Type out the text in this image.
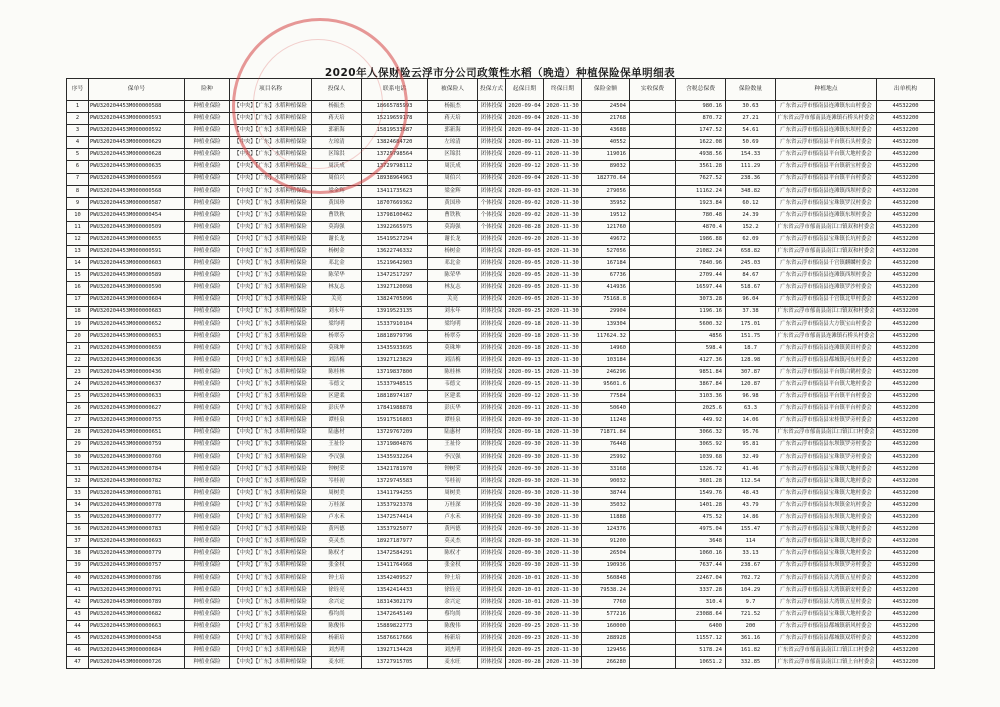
2020年人保财险云浮市分公司政策性水稻（晚造）种植保险保单明细表
序号	保单号	险种	项目名称	投保人	联系电话	被保险人	投保方式	起保日期	终保日期	保险金额	实收保费	含税总保费	保险数量	种植地点	出单机构
1	PWU320204453M000000588	种植业保险	【中央】【广东】水稻种植保险	杨振杰	18665785993	杨振杰	团体投保	2020-09-04	2020-11-30	24504		980.16	30.63	广东省云浮市郁南县连滩镇东山村委会	44532200
2	PWU320204453M000000593	种植业保险	【中央】【广东】水稻种植保险	蒋天培	15219659178	蒋天培	团体投保	2020-09-04	2020-11-30	21768		870.72	27.21	广东省云浮市郁南县连滩镇石桥头村委会	44532200
3	PWU320204453M000000592	种植业保险	【中央】【广东】水稻种植保险	郭新海	15819533687	郭新海	团体投保	2020-09-04	2020-11-30	43688		1747.52	54.61	广东省云浮市郁南县连滩镇东坝村委会	44532200
4	PWU320204453M000000629	种植业保险	【中央】【广东】水稻种植保险	左琼清	13824684720	左琼清	团体投保	2020-09-11	2020-11-30	40552		1622.08	50.69	广东省云浮市郁南县平台镇石头村委会	44532200
5	PWU320204453M000000628	种植业保险	【中央】【广东】水稻种植保险	区锦洪	13729798564	区锦洪	团体投保	2020-09-11	2020-11-30	119016		4938.56	154.33	广东省云浮市郁南县平台镇大地村委会	44532200
6	PWU320204453M000000635	种植业保险	【中央】【广东】水稻种植保险	周沃成	13729798112	周沃成	团体投保	2020-09-12	2020-11-30	89032		3561.28	111.29	广东省云浮市郁南县平台镇新宝村委会	44532200
7	PWU320204453M000000569	种植业保险	【中央】【广东】水稻种植保险	周伯兴	18938964963	周伯兴	团体投保	2020-09-04	2020-11-30	182770.64		7627.52	238.36	广东省云浮市郁南县平台镇平台村委会	44532200
8	PWU320204453M000000568	种植业保险	【中央】【广东】水稻种植保险	梁金辉	13411735623	梁金辉	团体投保	2020-09-03	2020-11-30	279056		11162.24	348.82	广东省云浮市郁南县连滩镇西坝村委会	44532200
9	PWU320204453M000000587	种植业保险	【中央】【广东】水稻种植保险	黄国珍	18707669362	黄国珍	个体投保	2020-09-02	2020-11-30	35952		1923.84	60.12	广东省云浮市郁南县宝珠镇罗汉村委会	44532200
10	PWU320204453M000000454	种植业保险	【中央】【广东】水稻种植保险	曹铁秋	13798100462	曹铁秋	个体投保	2020-09-02	2020-11-30	19512		780.48	24.39	广东省云浮市郁南县连滩镇东坝村委会	44532200
11	PWU320204453M000000509	种植业保险	【中央】【广东】水稻种植保险	莫海强	13922665975	莫海强	个体投保	2020-08-28	2020-11-30	121760		4870.4	152.2	广东省云浮市郁南县南江口镇双和村委会	44532200
12	PWU320204453M000000655	种植业保险	【中央】【广东】水稻种植保险	谢长龙	15419527294	谢长龙	团体投保	2020-09-20	2020-11-30	49672		1986.88	62.09	广东省云浮市郁南县宝珠镇长坑村委会	44532200
13	PWU320204453M000000591	种植业保险	【中央】【广东】水稻种植保险	杨树金	13622746332	杨树金	团体投保	2020-09-05	2020-11-30	527056		21082.24	658.82	广东省云浮市郁南县南江口镇双和村委会	44532200
14	PWU320204453M000000603	种植业保险	【中央】【广东】水稻种植保险	邓北金	15219642903	邓北金	团体投保	2020-09-05	2020-11-30	167184		7840.96	245.03	广东省云浮市郁南县千官镇麒麟村委会	44532200
15	PWU320204453M000000589	种植业保险	【中央】【广东】水稻种植保险	陈荣华	13472517297	陈荣华	团体投保	2020-09-05	2020-11-30	67736		2709.44	84.67	广东省云浮市郁南县连滩镇西坝村委会	44532200
16	PWU320204453M000000590	种植业保险	【中央】【广东】水稻种植保险	林友志	13927120098	林友志	团体投保	2020-09-05	2020-11-30	414936		16597.44	518.67	广东省云浮市郁南县连滩镇罗沙村委会	44532200
17	PWU320204453M000000604	种植业保险	【中央】【广东】水稻种植保险	关亮	13824705096	关亮	团体投保	2020-09-05	2020-11-30	75168.8		3073.28	96.04	广东省云浮市郁南县千官镇北甲村委会	44532200
18	PWU320204453M000000683	种植业保险	【中央】【广东】水稻种植保险	刘永年	13919523135	刘永年	团体投保	2020-09-25	2020-11-30	29904		1196.16	37.38	广东省云浮市郁南县南江口镇双和村委会	44532200
19	PWU320204453M000000652	种植业保险	【中央】【广东】水稻种植保险	梁均明	15337910104	梁均明	团体投保	2020-09-18	2020-11-30	139304		5600.32	175.01	广东省云浮市郁南县大方镇宝山村委会	44532200
20	PWU320204453M000000653	种植业保险	【中央】【广东】水稻种植保险	杨翠芬	18818979796	杨翠芬	团体投保	2020-09-18	2020-11-30	117624.32		4856	151.75	广东省云浮市郁南县连滩镇石桥头村委会	44532200
21	PWU320204453M000000659	种植业保险	【中央】【广东】水稻种植保险	莫珠坤	13435933695	莫珠坤	团体投保	2020-09-18	2020-11-30	14960		598.4	18.7	广东省云浮市郁南县连滩镇黄田村委会	44532200
22	PWU320204453M000000636	种植业保险	【中央】【广东】水稻种植保险	刘洁梅	13927123829	刘洁梅	团体投保	2020-09-13	2020-11-30	103184		4127.36	128.98	广东省云浮市郁南县都城镇河东村委会	44532200
23	PWU320204453M000000436	种植业保险	【中央】【广东】水稻种植保险	陈桂林	13719837800	陈桂林	团体投保	2020-09-15	2020-11-30	246296		9851.84	307.87	广东省云浮市郁南县平台镇白鹤村委会	44532200
24	PWU320204453M000000637	种植业保险	【中央】【广东】水稻种植保险	韦德文	15337948515	韦德文	团体投保	2020-09-15	2020-11-30	95601.6		3867.84	120.87	广东省云浮市郁南县平台镇大地村委会	44532200
25	PWU320204453M000000633	种植业保险	【中央】【广东】水稻种植保险	区建柔	18818974187	区建柔	团体投保	2020-09-12	2020-11-30	77584		3103.36	96.98	广东省云浮市郁南县平台镇平台村委会	44532200
26	PWU320204453M000000627	种植业保险	【中央】【广东】水稻种植保险	彭庆华	17841988878	彭庆华	团体投保	2020-09-11	2020-11-30	50640		2025.6	63.3	广东省云浮市郁南县平台镇平台村委会	44532200
27	PWU320204453M000000755	种植业保险	【中央】【广东】水稻种植保险	谭桂泉	15917516803	谭桂泉	团体投保	2020-09-30	2020-11-30	11248		449.92	14.06	广东省云浮市郁南县宋桂镇罗旁村委会	44532200
28	PWU320204453M000000651	种植业保险	【中央】【广东】水稻种植保险	陆惠材	13729767209	陆惠材	团体投保	2020-09-18	2020-11-30	71871.84		3066.32	95.76	广东省云浮市郁南县南江口镇江口村委会	44532200
29	PWU320204453M000000759	种植业保险	【中央】【广东】水稻种植保险	王祉伶	13719804876	王祉伶	团体投保	2020-09-30	2020-11-30	76448		3065.92	95.81	广东省云浮市郁南县东坝镇罗旁村委会	44532200
30	PWU320204453M000000760	种植业保险	【中央】【广东】水稻种植保险	李汉强	13435932264	李汉强	团体投保	2020-09-30	2020-11-30	25992		1039.68	32.49	广东省云浮市郁南县宝珠镇罗旁村委会	44532200
31	PWU320204453M000000784	种植业保险	【中央】【广东】水稻种植保险	钟树荣	13421781970	钟树荣	团体投保	2020-09-30	2020-11-30	33168		1326.72	41.46	广东省云浮市郁南县宝珠镇大地村委会	44532200
32	PWU320204453M000000782	种植业保险	【中央】【广东】水稻种植保险	岑桂初	13729745583	岑桂初	团体投保	2020-09-30	2020-11-30	90032		3601.28	112.54	广东省云浮市郁南县宝珠镇大地村委会	44532200
33	PWU320204453M000000781	种植业保险	【中央】【广东】水稻种植保险	周树美	13411794255	周树美	团体投保	2020-09-30	2020-11-30	38744		1549.76	48.43	广东省云浮市郁南县宝珠镇大地村委会	44532200
34	PWU320204453M000000778	种植业保险	【中央】【广东】水稻种植保险	万桂深	13537923378	万桂深	团体投保	2020-09-30	2020-11-30	35032		1401.28	43.79	广东省云浮市郁南县东坝镇金坑村委会	44532200
35	PWU320204453M000000777	种植业保险	【中央】【广东】水稻种植保险	卢水禾	13472574414	卢水禾	团体投保	2020-09-30	2020-11-30	11888		475.52	14.86	广东省云浮市郁南县东坝镇大地村委会	44532200
36	PWU320204453M000000783	种植业保险	【中央】【广东】水稻种植保险	黄玛德	13537925077	黄玛德	团体投保	2020-09-30	2020-11-30	124376		4975.04	155.47	广东省云浮市郁南县宝珠镇大地村委会	44532200
37	PWU320204453M000000693	种植业保险	【中央】【广东】水稻种植保险	莫灵杰	18927187977	莫灵杰	团体投保	2020-09-30	2020-11-30	91200		3648	114	广东省云浮市郁南县宝珠镇大地村委会	44532200
38	PWU320204453M000000779	种植业保险	【中央】【广东】水稻种植保险	陈权才	13472584291	陈权才	团体投保	2020-09-30	2020-11-30	26504		1060.16	33.13	广东省云浮市郁南县宝珠镇大地村委会	44532200
39	PWU320204453M000000757	种植业保险	【中央】【广东】水稻种植保险	张金权	13411764968	张金权	团体投保	2020-09-30	2020-11-30	190936		7637.44	238.67	广东省云浮市郁南县东坝镇罗旁村委会	44532200
40	PWU320204453M000000786	种植业保险	【中央】【广东】水稻种植保险	钟土培	13542409527	钟土培	团体投保	2020-10-01	2020-11-30	560848		22467.04	702.72	广东省云浮市郁南县大湾镇五星村委会	44532200
41	PWU320204453M000000791	种植业保险	【中央】【广东】水稻种植保险	徐铨亮	13542414433	徐铨亮	团体投保	2020-10-01	2020-11-30	79538.24		3337.28	104.29	广东省云浮市郁南县大湾镇新安村委会	44532200
42	PWU320204453M000000789	种植业保险	【中央】【广东】水稻种植保险	余兴定	18314302179	余兴定	团体投保	2020-10-01	2020-11-30	7760		310.4	9.7	广东省云浮市郁南县大湾镇五星村委会	44532200
43	PWU320204453M000000682	种植业保险	【中央】【广东】水稻种植保险	蔡均尚	13472645149	蔡均尚	团体投保	2020-09-30	2020-11-30	577216		23088.64	721.52	广东省云浮市郁南县宝珠镇大地村委会	44532200
44	PWU320204453M000000663	种植业保险	【中央】【广东】水稻种植保险	陈俊伟	15889822773	陈俊伟	团体投保	2020-09-25	2020-11-30	160000		6400	200	广东省云浮市郁南县都城镇新风村委会	44532200
45	PWU320204453M000000458	种植业保险	【中央】【广东】水稻种植保险	杨新培	15876617666	杨新培	团体投保	2020-09-23	2020-11-30	288928		11557.12	361.16	广东省云浮市郁南县都城镇双塔村委会	44532200
46	PWU320204453M000000684	种植业保险	【中央】【广东】水稻种植保险	刘杰明	13927134428	刘杰明	团体投保	2020-09-25	2020-11-30	129456		5178.24	161.82	广东省云浮市郁南县南江口镇江口村委会	44532200
47	PWU320204453M000000726	种植业保险	【中央】【广东】水稻种植保险	麦水旺	13727915705	麦水旺	团体投保	2020-09-28	2020-11-30	266280		10651.2	332.85	广东省云浮市郁南县南江口镇上台村委会	44532200
